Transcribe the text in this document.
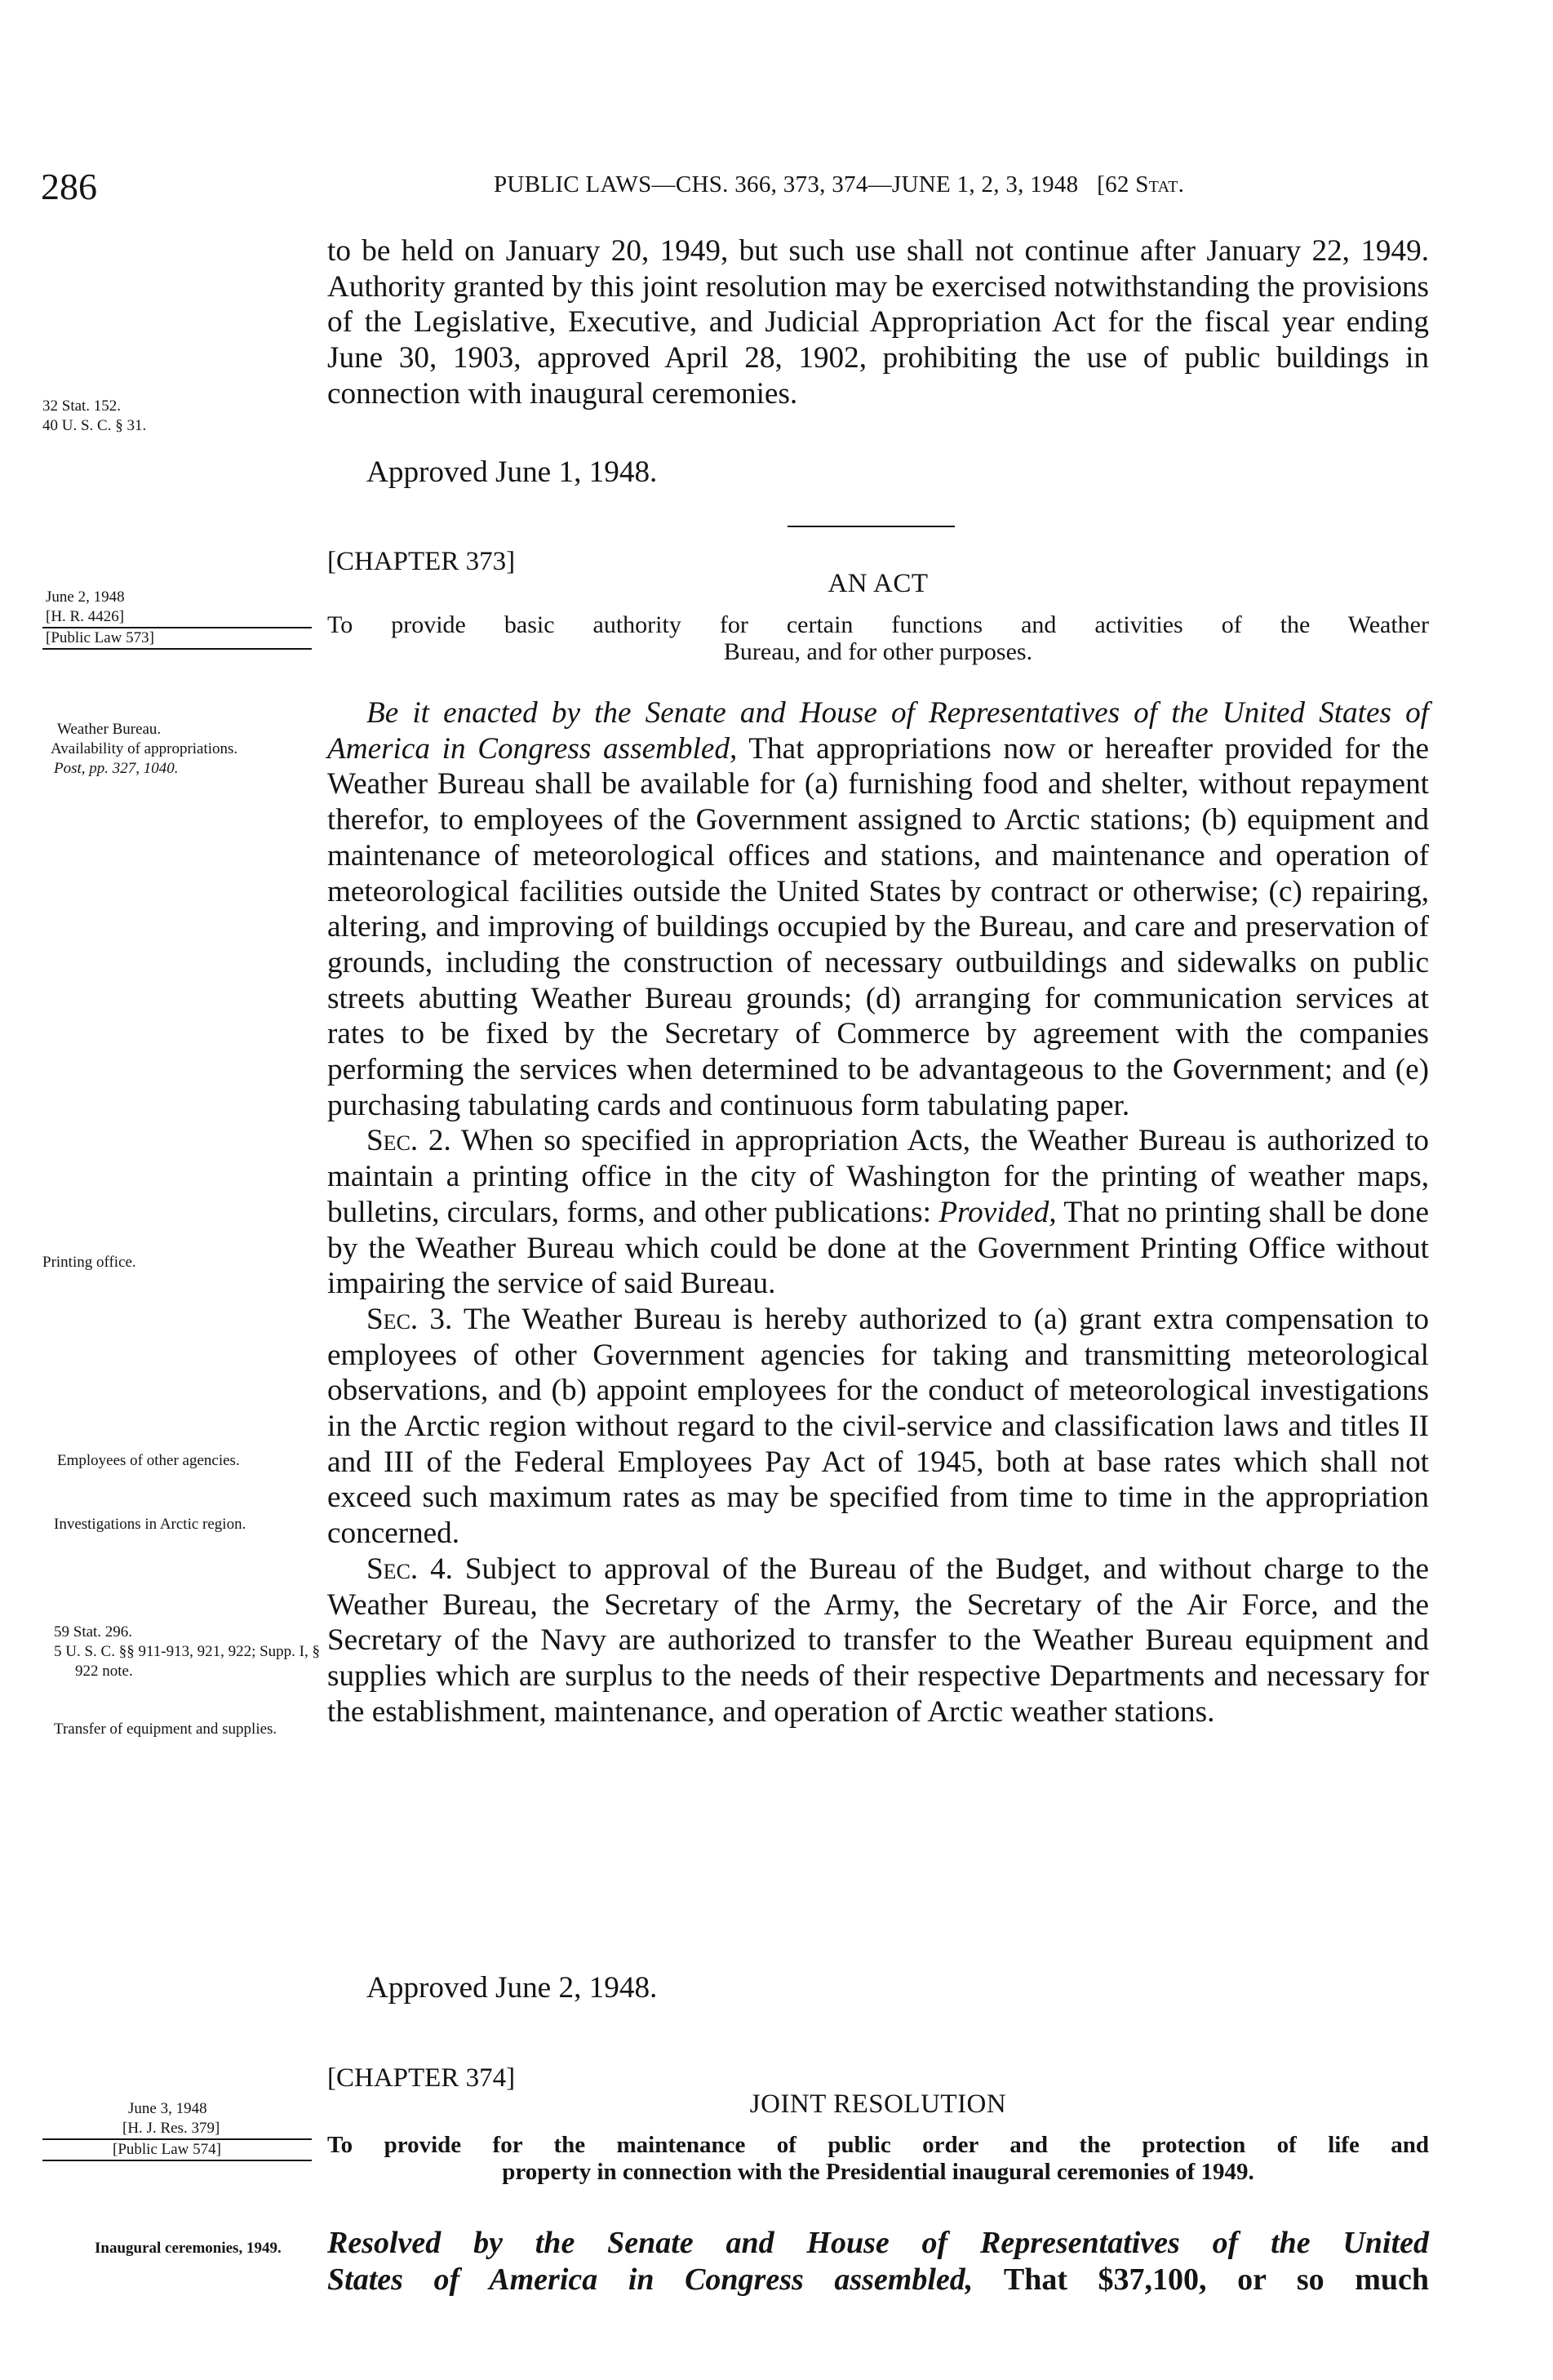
286	PUBLIC LAWS—CHS. 366, 373, 374—JUNE 1, 2, 3, 1948 [62 Stat.
32 Stat. 152.
40 U. S. C. § 31.

to be held on January 20, 1949, but such use shall not continue after January 22, 1949. Authority granted by this joint resolution may be exercised notwithstanding the provisions of the Legislative, Executive, and Judicial Appropriation Act for the fiscal year ending June 30, 1903, approved April 28, 1902, prohibiting the use of public buildings in connection with inaugural ceremonies.

Approved June 1, 1948.
[CHAPTER 373]
AN ACT
To provide basic authority for certain functions and activities of the Weather
Bureau, and for other purposes.
June 2, 1948
[H. R. 4426]
[Public Law 573]
Weather Bureau.
Availability of appropriations.
Post, pp. 327, 1040.

Be it enacted by the Senate and House of Representatives of the United States of America in Congress assembled, That appropriations now or hereafter provided for the Weather Bureau shall be available for (a) furnishing food and shelter, without repayment therefor, to employees of the Government assigned to Arctic stations; (b) equipment and maintenance of meteorological offices and stations, and maintenance and operation of meteorological facilities outside the United States by contract or otherwise; (c) repairing, altering, and improving of buildings occupied by the Bureau, and care and preservation of grounds, including the construction of necessary outbuildings and sidewalks on public streets abutting Weather Bureau grounds; (d) arranging for communication services at rates to be fixed by the Secretary of Commerce by agreement with the companies performing the services when determined to be advantageous to the Government; and (e) purchasing tabulating cards and continuous form tabulating paper.

Sec. 2. When so specified in appropriation Acts, the Weather Bureau is authorized to maintain a printing office in the city of Washington for the printing of weather maps, bulletins, circulars, forms, and other publications: Provided, That no printing shall be done by the Weather Bureau which could be done at the Government Printing Office without impairing the service of said Bureau.

Sec. 3. The Weather Bureau is hereby authorized to (a) grant extra compensation to employees of other Government agencies for taking and transmitting meteorological observations, and (b) appoint employees for the conduct of meteorological investigations in the Arctic region without regard to the civil-service and classification laws and titles II and III of the Federal Employees Pay Act of 1945, both at base rates which shall not exceed such maximum rates as may be specified from time to time in the appropriation concerned.

Sec. 4. Subject to approval of the Bureau of the Budget, and without charge to the Weather Bureau, the Secretary of the Army, the Secretary of the Air Force, and the Secretary of the Navy are authorized to transfer to the Weather Bureau equipment and supplies which are surplus to the needs of their respective Departments and necessary for the establishment, maintenance, and operation of Arctic weather stations.

Printing office.
Employees of other agencies.
Investigations in Arctic region.
59 Stat. 296.
5 U. S. C. §§ 911-913, 921, 922; Supp. I, § 922 note.
Transfer of equipment and supplies.
Approved June 2, 1948.
[CHAPTER 374]
JOINT RESOLUTION
To provide for the maintenance of public order and the protection of life and
property in connection with the Presidential inaugural ceremonies of 1949.
June 3, 1948
[H. J. Res. 379]
[Public Law 574]
Inaugural ceremonies, 1949.	Resolved by the Senate and House of Representatives of the United
States of America in Congress assembled, That $37,100, or so much
